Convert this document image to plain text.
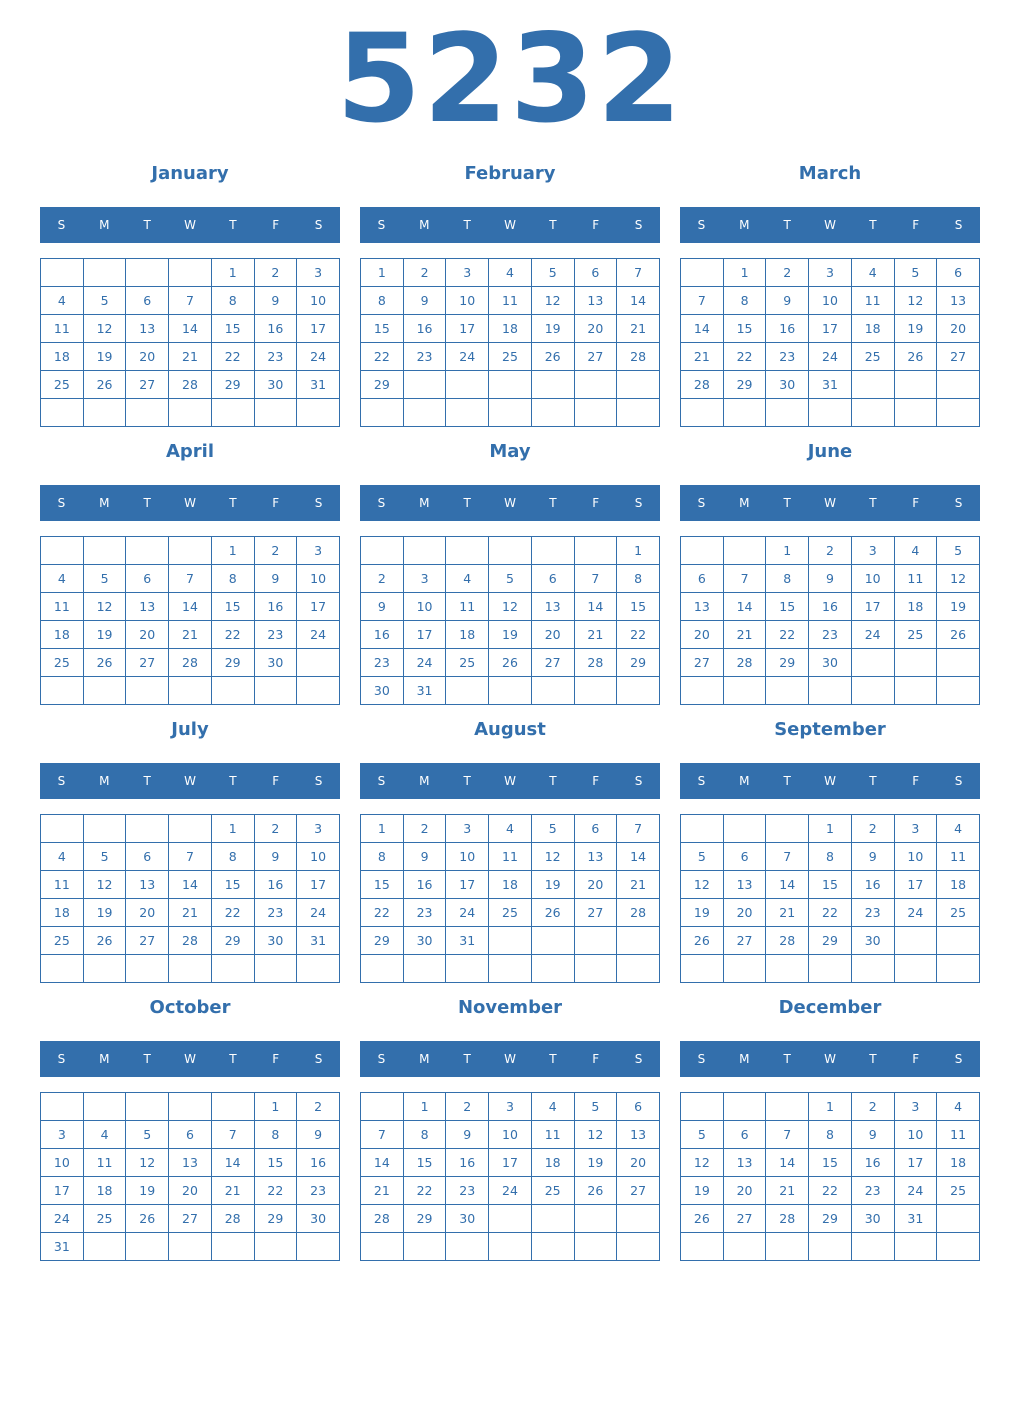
5232
January
S	M	T	W	T	F	S
				1	2	3
4	5	6	7	8	9	10
11	12	13	14	15	16	17
18	19	20	21	22	23	24
25	26	27	28	29	30	31

February
S	M	T	W	T	F	S
1	2	3	4	5	6	7
8	9	10	11	12	13	14
15	16	17	18	19	20	21
22	23	24	25	26	27	28
29						

March
S	M	T	W	T	F	S
	1	2	3	4	5	6
7	8	9	10	11	12	13
14	15	16	17	18	19	20
21	22	23	24	25	26	27
28	29	30	31			

April
S	M	T	W	T	F	S
				1	2	3
4	5	6	7	8	9	10
11	12	13	14	15	16	17
18	19	20	21	22	23	24
25	26	27	28	29	30	

May
S	M	T	W	T	F	S
						1
2	3	4	5	6	7	8
9	10	11	12	13	14	15
16	17	18	19	20	21	22
23	24	25	26	27	28	29
30	31					
June
S	M	T	W	T	F	S
		1	2	3	4	5
6	7	8	9	10	11	12
13	14	15	16	17	18	19
20	21	22	23	24	25	26
27	28	29	30			

July
S	M	T	W	T	F	S
				1	2	3
4	5	6	7	8	9	10
11	12	13	14	15	16	17
18	19	20	21	22	23	24
25	26	27	28	29	30	31

August
S	M	T	W	T	F	S
1	2	3	4	5	6	7
8	9	10	11	12	13	14
15	16	17	18	19	20	21
22	23	24	25	26	27	28
29	30	31				

September
S	M	T	W	T	F	S
			1	2	3	4
5	6	7	8	9	10	11
12	13	14	15	16	17	18
19	20	21	22	23	24	25
26	27	28	29	30		

October
S	M	T	W	T	F	S
					1	2
3	4	5	6	7	8	9
10	11	12	13	14	15	16
17	18	19	20	21	22	23
24	25	26	27	28	29	30
31						
November
S	M	T	W	T	F	S
	1	2	3	4	5	6
7	8	9	10	11	12	13
14	15	16	17	18	19	20
21	22	23	24	25	26	27
28	29	30				

December
S	M	T	W	T	F	S
			1	2	3	4
5	6	7	8	9	10	11
12	13	14	15	16	17	18
19	20	21	22	23	24	25
26	27	28	29	30	31	
